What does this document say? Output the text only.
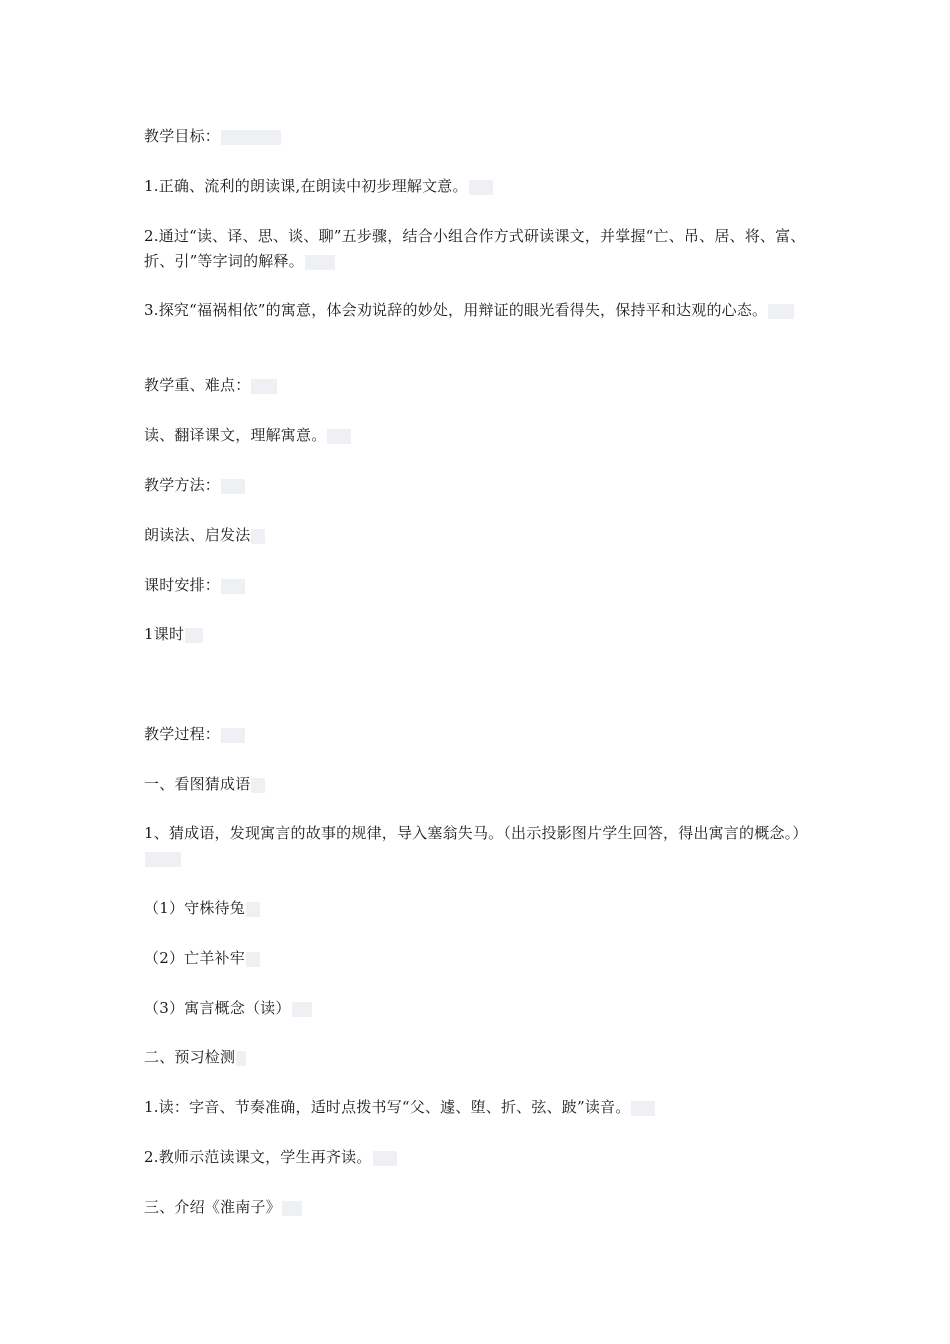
教学目标：

1.正确、流利的朗读课,在朗读中初步理解文意。

2.通过“读、译、思、谈、聊”五步骤，结合小组合作方式研读课文，并掌握“亡、吊、居、将、富、折、引”等字词的解释。

3.探究“福祸相依”的寓意，体会劝说辞的妙处，用辩证的眼光看得失，保持平和达观的心态。

教学重、难点：

读、翻译课文，理解寓意。

教学方法：

朗读法、启发法

课时安排：

1课时

教学过程：

一、看图猜成语

1、猜成语，发现寓言的故事的规律，导入塞翁失马。（出示投影图片学生回答，得出寓言的概念。）

（1）守株待兔

（2）亡羊补牢

（3）寓言概念（读）

二、预习检测

1.读：字音、节奏准确，适时点拨书写“父、遽、堕、折、弦、跛”读音。

2.教师示范读课文，学生再齐读。

三、介绍《淮南子》
